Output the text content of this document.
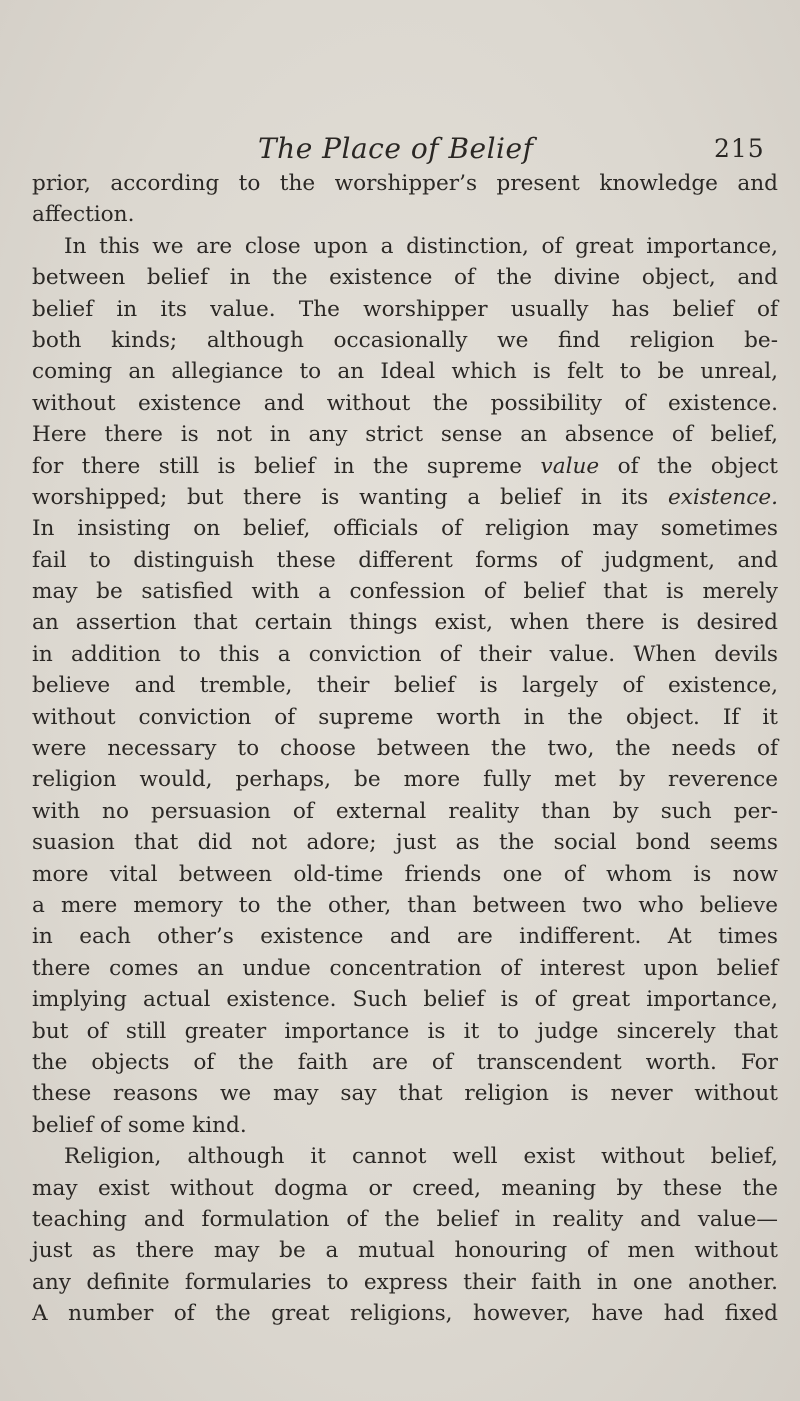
The Place of Belief	215
prior, according to the worshipper’s present knowledge and
affection.
In this we are close upon a distinction, of great importance,
between belief in the existence of the divine object, and
belief in its value. The worshipper usually has belief of
both kinds; although occasionally we find religion be-
coming an allegiance to an Ideal which is felt to be unreal,
without existence and without the possibility of existence.
Here there is not in any strict sense an absence of belief,
for there still is belief in the supreme value of the object
worshipped; but there is wanting a belief in its existence.
In insisting on belief, officials of religion may sometimes
fail to distinguish these different forms of judgment, and
may be satisfied with a confession of belief that is merely
an assertion that certain things exist, when there is desired
in addition to this a conviction of their value. When devils
believe and tremble, their belief is largely of existence,
without conviction of supreme worth in the object. If it
were necessary to choose between the two, the needs of
religion would, perhaps, be more fully met by reverence
with no persuasion of external reality than by such per-
suasion that did not adore; just as the social bond seems
more vital between old-time friends one of whom is now
a mere memory to the other, than between two who believe
in each other’s existence and are indifferent. At times
there comes an undue concentration of interest upon belief
implying actual existence. Such belief is of great importance,
but of still greater importance is it to judge sincerely that
the objects of the faith are of transcendent worth. For
these reasons we may say that religion is never without
belief of some kind.
Religion, although it cannot well exist without belief,
may exist without dogma or creed, meaning by these the
teaching and formulation of the belief in reality and value—
just as there may be a mutual honouring of men without
any definite formularies to express their faith in one another.
A number of the great religions, however, have had fixed
